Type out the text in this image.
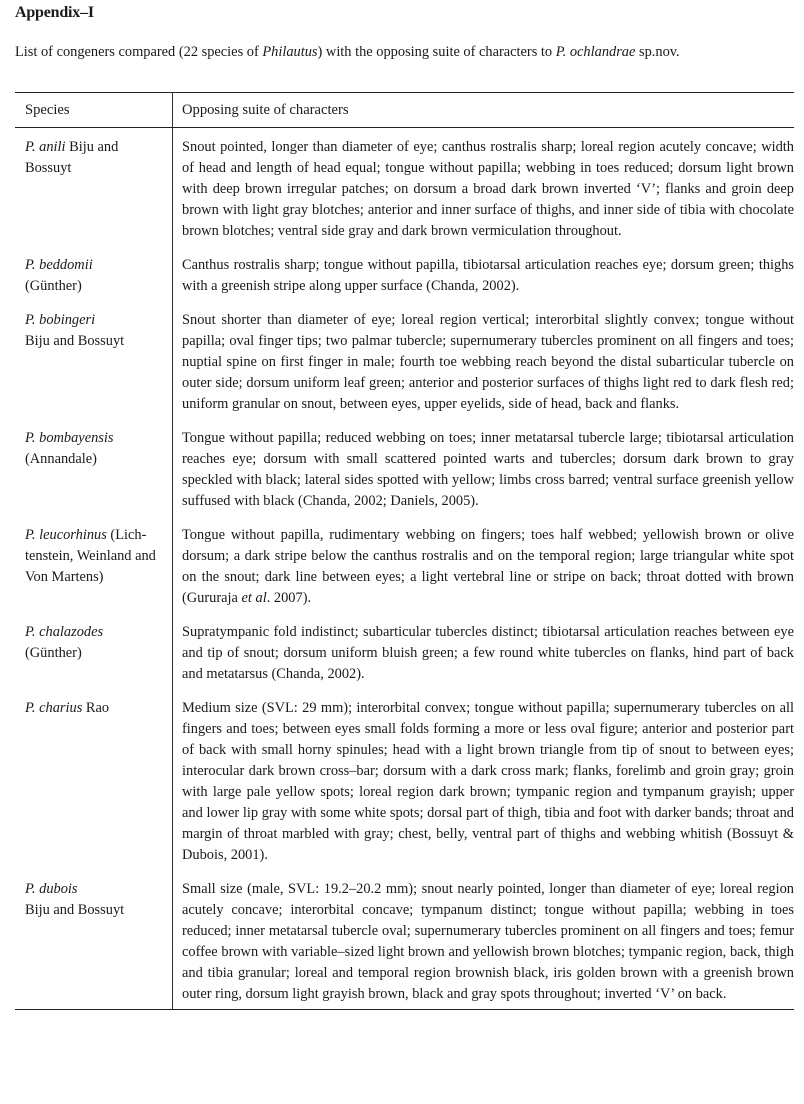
Appendix–I

List of congeners compared (22 species of Philautus) with the opposing suite of characters to P. ochlandrae sp.nov.

Species	Opposing suite of characters
P. anili Biju and
Bossuyt	Snout pointed, longer than diameter of eye; canthus rostralis sharp; loreal region acutely concave; width of head and length of head equal; tongue without papilla; webbing in toes reduced; dorsum light brown with deep brown irregular patches; on dorsum a broad dark brown inverted ‘V’; flanks and groin deep brown with light gray blotches; anterior and inner surface of thighs, and inner side of tibia with chocolate brown blotches; ventral side gray and dark brown vermiculation throughout.
P. beddomii
(Günther)	Canthus rostralis sharp; tongue without papilla, tibiotarsal articulation reaches eye; dorsum green; thighs with a greenish stripe along upper surface (Chanda, 2002).
P. bobingeri
Biju and Bossuyt	Snout shorter than diameter of eye; loreal region vertical; interorbital slightly convex; tongue without papilla; oval finger tips; two palmar tubercle; supernumerary tubercles prominent on all fingers and toes; nuptial spine on first finger in male; fourth toe webbing reach beyond the distal subarticular tubercle on outer side; dorsum uniform leaf green; anterior and posterior surfaces of thighs light red to dark flesh red; uniform granular on snout, between eyes, upper eyelids, side of head, back and flanks.
P. bombayensis
(Annandale)	Tongue without papilla; reduced webbing on toes; inner metatarsal tubercle large; tibiotarsal articulation reaches eye; dorsum with small scattered pointed warts and tubercles; dorsum dark brown to gray speckled with black; lateral sides spotted with yellow; limbs cross barred; ventral surface greenish yellow suffused with black (Chanda, 2002; Daniels, 2005).
P. leucorhinus (Lich-
tenstein, Weinland and Von Martens)	Tongue without papilla, rudimentary webbing on fingers; toes half webbed; yellowish brown or olive dorsum; a dark stripe below the canthus rostralis and on the temporal region; large triangular white spot on the snout; dark line between eyes; a light vertebral line or stripe on back; throat dotted with brown (Gururaja et al. 2007).
P. chalazodes
(Günther)	Supratympanic fold indistinct; subarticular tubercles distinct; tibiotarsal articulation reaches between eye and tip of snout; dorsum uniform bluish green; a few round white tubercles on flanks, hind part of back and metatarsus (Chanda, 2002).
P. charius Rao	Medium size (SVL: 29 mm); interorbital convex; tongue without papilla; supernumerary tubercles on all fingers and toes; between eyes small folds forming a more or less oval figure; anterior and posterior part of back with small horny spinules; head with a light brown triangle from tip of snout to between eyes; interocular dark brown cross–bar; dorsum with a dark cross mark; flanks, forelimb and groin gray; groin with large pale yellow spots; loreal region dark brown; tympanic region and tympanum grayish; upper and lower lip gray with some white spots; dorsal part of thigh, tibia and foot with darker bands; throat and margin of throat marbled with gray; chest, belly, ventral part of thighs and webbing whitish (Bossuyt & Dubois, 2001).
P. dubois
Biju and Bossuyt	Small size (male, SVL: 19.2–20.2 mm); snout nearly pointed, longer than diameter of eye; loreal region acutely concave; interorbital concave; tympanum distinct; tongue without papilla; webbing in toes reduced; inner metatarsal tubercle oval; supernumerary tubercles prominent on all fingers and toes; femur coffee brown with variable–sized light brown and yellowish brown blotches; tympanic region, back, thigh and tibia granular; loreal and temporal region brownish black, iris golden brown with a greenish brown outer ring, dorsum light grayish brown, black and gray spots throughout; inverted ‘V’ on back.
